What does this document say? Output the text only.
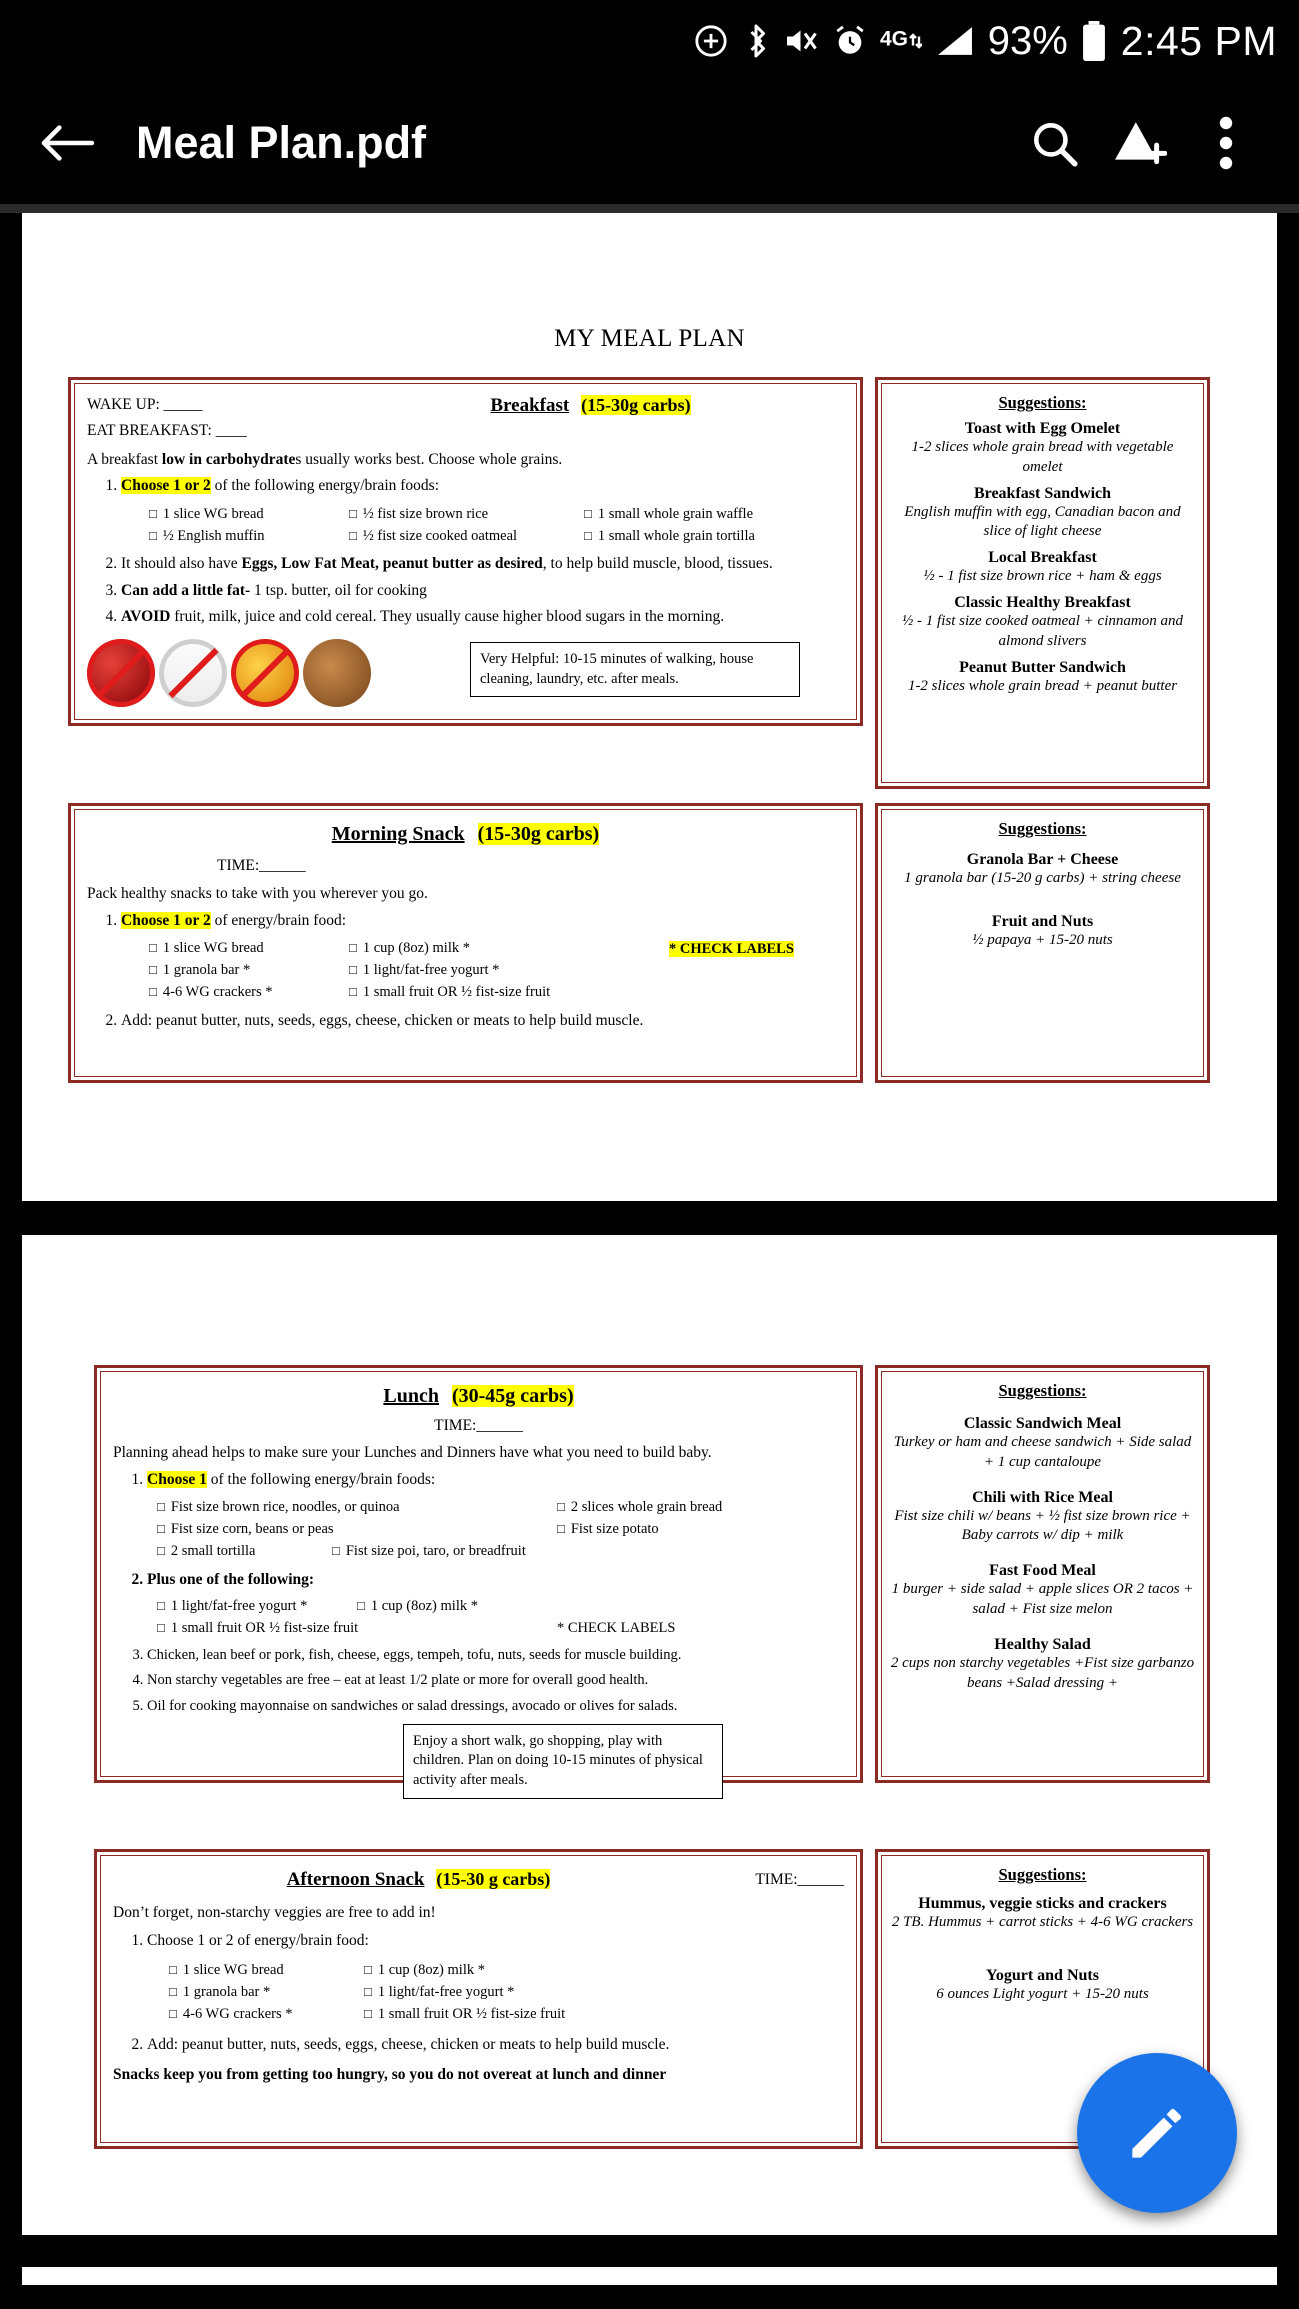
4G 93% 2:45 PM
Meal Plan.pdf
MY MEAL PLAN
WAKE UP: _____
EAT BREAKFAST: ____
Breakfast (15-30g carbs)
A breakfast low in carbohydrates usually works best. Choose whole grains.
1. Choose 1 or 2 of the following energy/brain foods:
□ 1 slice WG bread	□ ½ fist size brown rice	□ 1 small whole grain waffle
□ ½ English muffin	□ ½ fist size cooked oatmeal	□ 1 small whole grain tortilla
2. It should also have Eggs, Low Fat Meat, peanut butter as desired, to help build muscle, blood, tissues.
3. Can add a little fat- 1 tsp. butter, oil for cooking
4. AVOID fruit, milk, juice and cold cereal. They usually cause higher blood sugars in the morning.
Very Helpful: 10-15 minutes of walking, house cleaning, laundry, etc. after meals.
Suggestions:
Toast with Egg Omelet
1-2 slices whole grain bread with vegetable omelet
Breakfast Sandwich
English muffin with egg, Canadian bacon and slice of light cheese
Local Breakfast
½ - 1 fist size brown rice + ham & eggs
Classic Healthy Breakfast
½ - 1 fist size cooked oatmeal + cinnamon and almond slivers
Peanut Butter Sandwich
1-2 slices whole grain bread + peanut butter
Morning Snack (15-30g carbs)
TIME:______
Pack healthy snacks to take with you wherever you go.
1. Choose 1 or 2 of energy/brain food:
□ 1 slice WG bread	□ 1 cup (8oz) milk *
□ 1 granola bar *	□ 1 light/fat-free yogurt *
□ 4-6 WG crackers *	□ 1 small fruit OR ½ fist-size fruit
* CHECK LABELS
2. Add: peanut butter, nuts, seeds, eggs, cheese, chicken or meats to help build muscle.
Suggestions:
Granola Bar + Cheese
1 granola bar (15-20 g carbs) + string cheese
Fruit and Nuts
½ papaya + 15-20 nuts
Lunch (30-45g carbs)
TIME:______
Planning ahead helps to make sure your Lunches and Dinners have what you need to build baby.
1. Choose 1 of the following energy/brain foods:
□ Fist size brown rice, noodles, or quinoa	□ 2 slices whole grain bread
□ Fist size corn, beans or peas	□ Fist size potato
□ 2 small tortilla	□ Fist size poi, taro, or breadfruit
2. Plus one of the following:
□ 1 light/fat-free yogurt *	□ 1 cup (8oz) milk *
□ 1 small fruit OR ½ fist-size fruit	* CHECK LABELS
3. Chicken, lean beef or pork, fish, cheese, eggs, tempeh, tofu, nuts, seeds for muscle building.
4. Non starchy vegetables are free – eat at least 1/2 plate or more for overall good health.
5. Oil for cooking mayonnaise on sandwiches or salad dressings, avocado or olives for salads.
Enjoy a short walk, go shopping, play with children. Plan on doing 10-15 minutes of physical activity after meals.
Suggestions:
Classic Sandwich Meal
Turkey or ham and cheese sandwich + Side salad + 1 cup cantaloupe
Chili with Rice Meal
Fist size chili w/ beans + ½ fist size brown rice + Baby carrots w/ dip + milk
Fast Food Meal
1 burger + side salad + apple slices OR 2 tacos + salad + Fist size melon
Healthy Salad
2 cups non starchy vegetables +Fist size garbanzo beans +Salad dressing +
Afternoon Snack (15-30 g carbs)	TIME:______
Don’t forget, non-starchy veggies are free to add in!
1. Choose 1 or 2 of energy/brain food:
□ 1 slice WG bread	□ 1 cup (8oz) milk *
□ 1 granola bar *	□ 1 light/fat-free yogurt *
□ 4-6 WG crackers *	□ 1 small fruit OR ½ fist-size fruit
2. Add: peanut butter, nuts, seeds, eggs, cheese, chicken or meats to help build muscle.
Snacks keep you from getting too hungry, so you do not overeat at lunch and dinner
Suggestions:
Hummus, veggie sticks and crackers
2 TB. Hummus + carrot sticks + 4-6 WG crackers
Yogurt and Nuts
6 ounces Light yogurt + 15-20 nuts
